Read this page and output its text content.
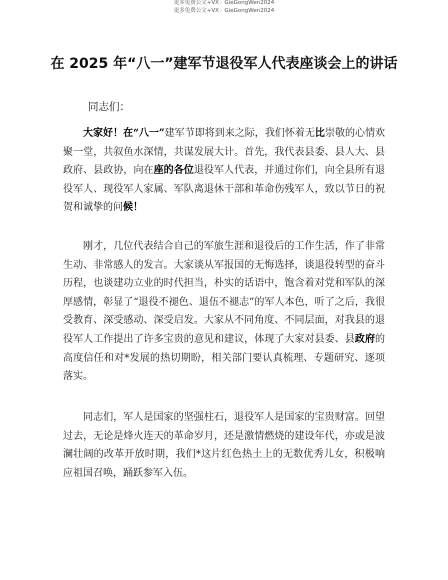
更多免费公文+VX：GieGongWen2024
更多免费公文+VX：GieGongWen2024
在 2025 年“八一”建军节退役军人代表座谈会上的讲话
同志们：
大家好！在“八一”建军节即将到来之际，我们怀着无比崇敬的心情欢聚一堂，共叙鱼水深情，共谋发展大计。首先，我代表县委、县人大、县政府、县政协，向在座的各位退役军人代表，并通过你们，向全县所有退役军人、现役军人家属、军队离退休干部和革命伤残军人，致以节日的祝贺和诚挚的问候！
刚才，几位代表结合自己的军旅生涯和退役后的工作生活，作了非常生动、非常感人的发言。大家谈从军报国的无悔选择，谈退役转型的奋斗历程，也谈建功立业的时代担当，朴实的话语中，饱含着对党和军队的深厚感情，彰显了“退役不褪色、退伍不褪志”的军人本色，听了之后，我很受教育、深受感动、深受启发。大家从不同角度、不同层面，对我县的退役军人工作提出了许多宝贵的意见和建议，体现了大家对县委、县政府的高度信任和对*发展的热切期盼，相关部门要认真梳理、专题研究、逐项落实。
同志们，军人是国家的坚强柱石，退役军人是国家的宝贵财富。回望过去，无论是烽火连天的革命岁月，还是激情燃烧的建设年代，亦或是波澜壮阔的改革开放时期，我们*这片红色热土上的无数优秀儿女，积极响应祖国召唤，踊跃参军入伍。
